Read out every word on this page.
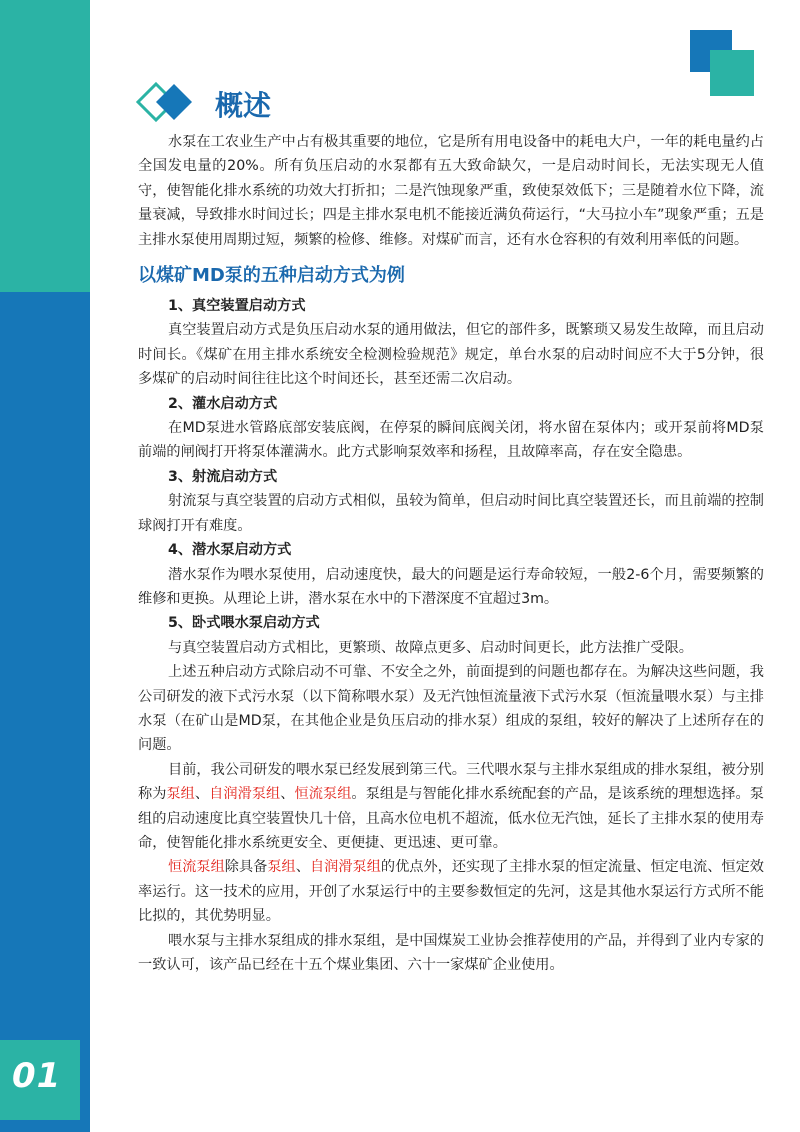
01
概述

水泵在工农业生产中占有极其重要的地位，它是所有用电设备中的耗电大户，一年的耗电量约占全国发电量的20%。所有负压启动的水泵都有五大致命缺欠，一是启动时间长，无法实现无人值守，使智能化排水系统的功效大打折扣；二是汽蚀现象严重，致使泵效低下；三是随着水位下降，流量衰减，导致排水时间过长；四是主排水泵电机不能接近满负荷运行，“大马拉小车”现象严重；五是主排水泵使用周期过短，频繁的检修、维修。对煤矿而言，还有水仓容积的有效利用率低的问题。

以煤矿MD泵的五种启动方式为例
1、真空装置启动方式

真空装置启动方式是负压启动水泵的通用做法，但它的部件多，既繁琐又易发生故障，而且启动时间长。《煤矿在用主排水系统安全检测检验规范》规定，单台水泵的启动时间应不大于5分钟，很多煤矿的启动时间往往比这个时间还长，甚至还需二次启动。

2、灌水启动方式

在MD泵进水管路底部安装底阀，在停泵的瞬间底阀关闭，将水留在泵体内；或开泵前将MD泵前端的闸阀打开将泵体灌满水。此方式影响泵效率和扬程，且故障率高，存在安全隐患。

3、射流启动方式

射流泵与真空装置的启动方式相似，虽较为简单，但启动时间比真空装置还长，而且前端的控制球阀打开有难度。

4、潜水泵启动方式

潜水泵作为喂水泵使用，启动速度快，最大的问题是运行寿命较短，一般2-6个月，需要频繁的维修和更换。从理论上讲，潜水泵在水中的下潜深度不宜超过3m。

5、卧式喂水泵启动方式

与真空装置启动方式相比，更繁琐、故障点更多、启动时间更长，此方法推广受限。

上述五种启动方式除启动不可靠、不安全之外，前面提到的问题也都存在。为解决这些问题，我公司研发的液下式污水泵（以下简称喂水泵）及无汽蚀恒流量液下式污水泵（恒流量喂水泵）与主排水泵（在矿山是MD泵，在其他企业是负压启动的排水泵）组成的泵组，较好的解决了上述所存在的问题。

目前，我公司研发的喂水泵已经发展到第三代。三代喂水泵与主排水泵组成的排水泵组，被分别称为泵组、自润滑泵组、恒流泵组。泵组是与智能化排水系统配套的产品，是该系统的理想选择。泵组的启动速度比真空装置快几十倍，且高水位电机不超流，低水位无汽蚀，延长了主排水泵的使用寿命，使智能化排水系统更安全、更便捷、更迅速、更可靠。

恒流泵组除具备泵组、自润滑泵组的优点外，还实现了主排水泵的恒定流量、恒定电流、恒定效率运行。这一技术的应用，开创了水泵运行中的主要参数恒定的先河，这是其他水泵运行方式所不能比拟的，其优势明显。

喂水泵与主排水泵组成的排水泵组，是中国煤炭工业协会推荐使用的产品，并得到了业内专家的一致认可，该产品已经在十五个煤业集团、六十一家煤矿企业使用。
